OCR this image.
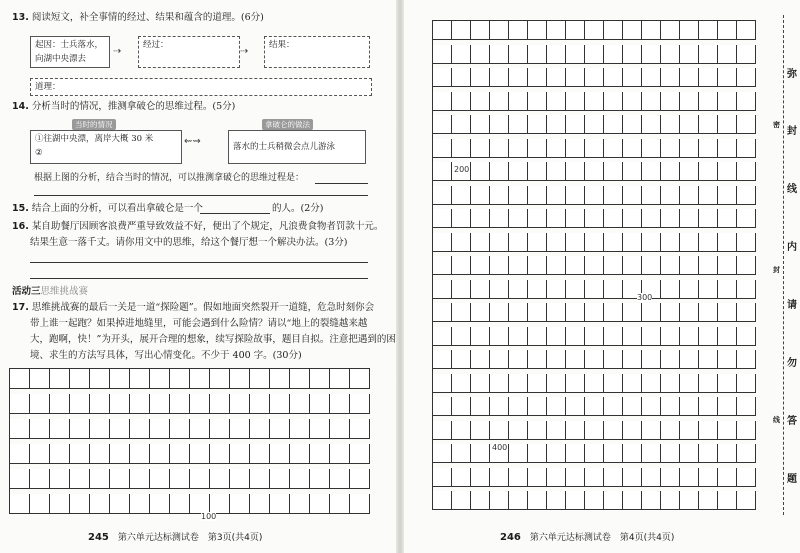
13. 阅读短文，补全事情的经过、结果和蕴含的道理。(6分)
起因：士兵落水，
向湖中央漂去
⇢
经过：
⇢
结果：
道理：
14. 分析当时的情况，推测拿破仑的思维过程。(5分)
当时的情况	拿破仑的做法
①往湖中央漂，离岸大概 30 米
②
⇜⇝	落水的士兵稍微会点儿游泳
根据上图的分析，结合当时的情况，可以推测拿破仑的思维过程是：
15. 结合上面的分析，可以看出拿破仑是一个	的人。(2分)
16. 某自助餐厅因顾客浪费严重导致效益不好，便出了个规定，凡浪费食物者罚款十元。
结果生意一落千丈。请你用文中的思维，给这个餐厅想一个解决办法。(3分)
活动三思维挑战赛
17. 思维挑战赛的最后一关是一道“探险题”。假如地面突然裂开一道缝，危急时刻你会
带上谁一起跑？如果掉进地缝里，可能会遇到什么险情？请以“地上的裂缝越来越
大，跑啊，快！”为开头，展开合理的想象，续写探险故事，题目自拟。注意把遇到的困
境、求生的方法写具体，写出心情变化。不少于 400 字。(30分)
100
245　 第六单元达标测试卷　第3页(共4页)
200
300
400
密
封
线
弥
封
线
内
请
勿
答
题
246　 第六单元达标测试卷　第4页(共4页)
